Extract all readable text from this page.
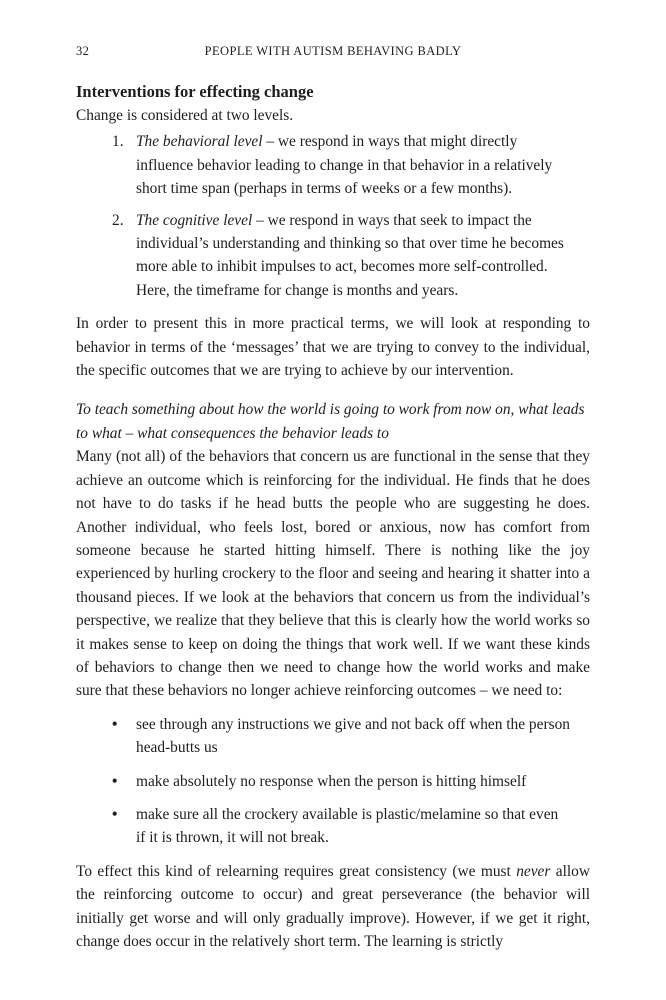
32	PEOPLE WITH AUTISM BEHAVING BADLY
Interventions for effecting change

Change is considered at two levels.

1. The behavioral level – we respond in ways that might directly influence behavior leading to change in that behavior in a relatively short time span (perhaps in terms of weeks or a few months).
2. The cognitive level – we respond in ways that seek to impact the individual’s understanding and thinking so that over time he becomes more able to inhibit impulses to act, becomes more self-controlled. Here, the timeframe for change is months and years.

In order to present this in more practical terms, we will look at responding to behavior in terms of the ‘messages’ that we are trying to convey to the individual, the specific outcomes that we are trying to achieve by our intervention.

To teach something about how the world is going to work from now on, what leads to what – what consequences the behavior leads to

Many (not all) of the behaviors that concern us are functional in the sense that they achieve an outcome which is reinforcing for the individual. He finds that he does not have to do tasks if he head butts the people who are suggesting he does. Another individual, who feels lost, bored or anxious, now has comfort from someone because he started hitting himself. There is nothing like the joy experienced by hurling crockery to the floor and seeing and hearing it shatter into a thousand pieces. If we look at the behaviors that concern us from the individual’s perspective, we realize that they believe that this is clearly how the world works so it makes sense to keep on doing the things that work well. If we want these kinds of behaviors to change then we need to change how the world works and make sure that these behaviors no longer achieve reinforcing outcomes – we need to:

• see through any instructions we give and not back off when the person head-butts us
• make absolutely no response when the person is hitting himself
• make sure all the crockery available is plastic/melamine so that even if it is thrown, it will not break.

To effect this kind of relearning requires great consistency (we must never allow the reinforcing outcome to occur) and great perseverance (the behavior will initially get worse and will only gradually improve). However, if we get it right, change does occur in the relatively short term. The learning is strictly
